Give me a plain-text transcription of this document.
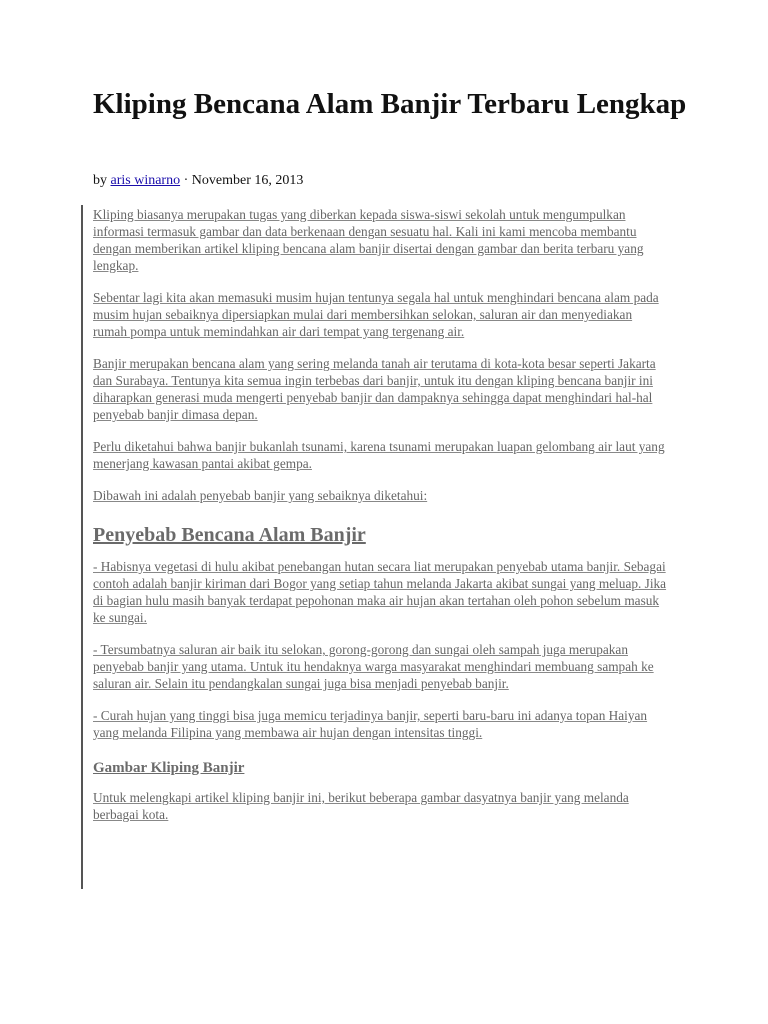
Kliping Bencana Alam Banjir Terbaru Lengkap
by aris winarno · November 16, 2013

Kliping biasanya merupakan tugas yang diberkan kepada siswa-siswi sekolah untuk mengumpulkan informasi termasuk gambar dan data berkenaan dengan sesuatu hal. Kali ini kami mencoba membantu dengan memberikan artikel kliping bencana alam banjir disertai dengan gambar dan berita terbaru yang lengkap.

Sebentar lagi kita akan memasuki musim hujan tentunya segala hal untuk menghindari bencana alam pada musim hujan sebaiknya dipersiapkan mulai dari membersihkan selokan, saluran air dan menyediakan rumah pompa untuk memindahkan air dari tempat yang tergenang air.

Banjir merupakan bencana alam yang sering melanda tanah air terutama di kota-kota besar seperti Jakarta dan Surabaya. Tentunya kita semua ingin terbebas dari banjir, untuk itu dengan kliping bencana banjir ini diharapkan generasi muda mengerti penyebab banjir dan dampaknya sehingga dapat menghindari hal-hal penyebab banjir dimasa depan.

Perlu diketahui bahwa banjir bukanlah tsunami, karena tsunami merupakan luapan gelombang air laut yang menerjang kawasan pantai akibat gempa.

Dibawah ini adalah penyebab banjir yang sebaiknya diketahui:

Penyebab Bencana Alam Banjir

- Habisnya vegetasi di hulu akibat penebangan hutan secara liat merupakan penyebab utama banjir. Sebagai contoh adalah banjir kiriman dari Bogor yang setiap tahun melanda Jakarta akibat sungai yang meluap. Jika di bagian hulu masih banyak terdapat pepohonan maka air hujan akan tertahan oleh pohon sebelum masuk ke sungai.

- Tersumbatnya saluran air baik itu selokan, gorong-gorong dan sungai oleh sampah juga merupakan penyebab banjir yang utama. Untuk itu hendaknya warga masyarakat menghindari membuang sampah ke saluran air. Selain itu pendangkalan sungai juga bisa menjadi penyebab banjir.

- Curah hujan yang tinggi bisa juga memicu terjadinya banjir, seperti baru-baru ini adanya topan Haiyan yang melanda Filipina yang membawa air hujan dengan intensitas tinggi.

Gambar Kliping Banjir

Untuk melengkapi artikel kliping banjir ini, berikut beberapa gambar dasyatnya banjir yang melanda berbagai kota.
